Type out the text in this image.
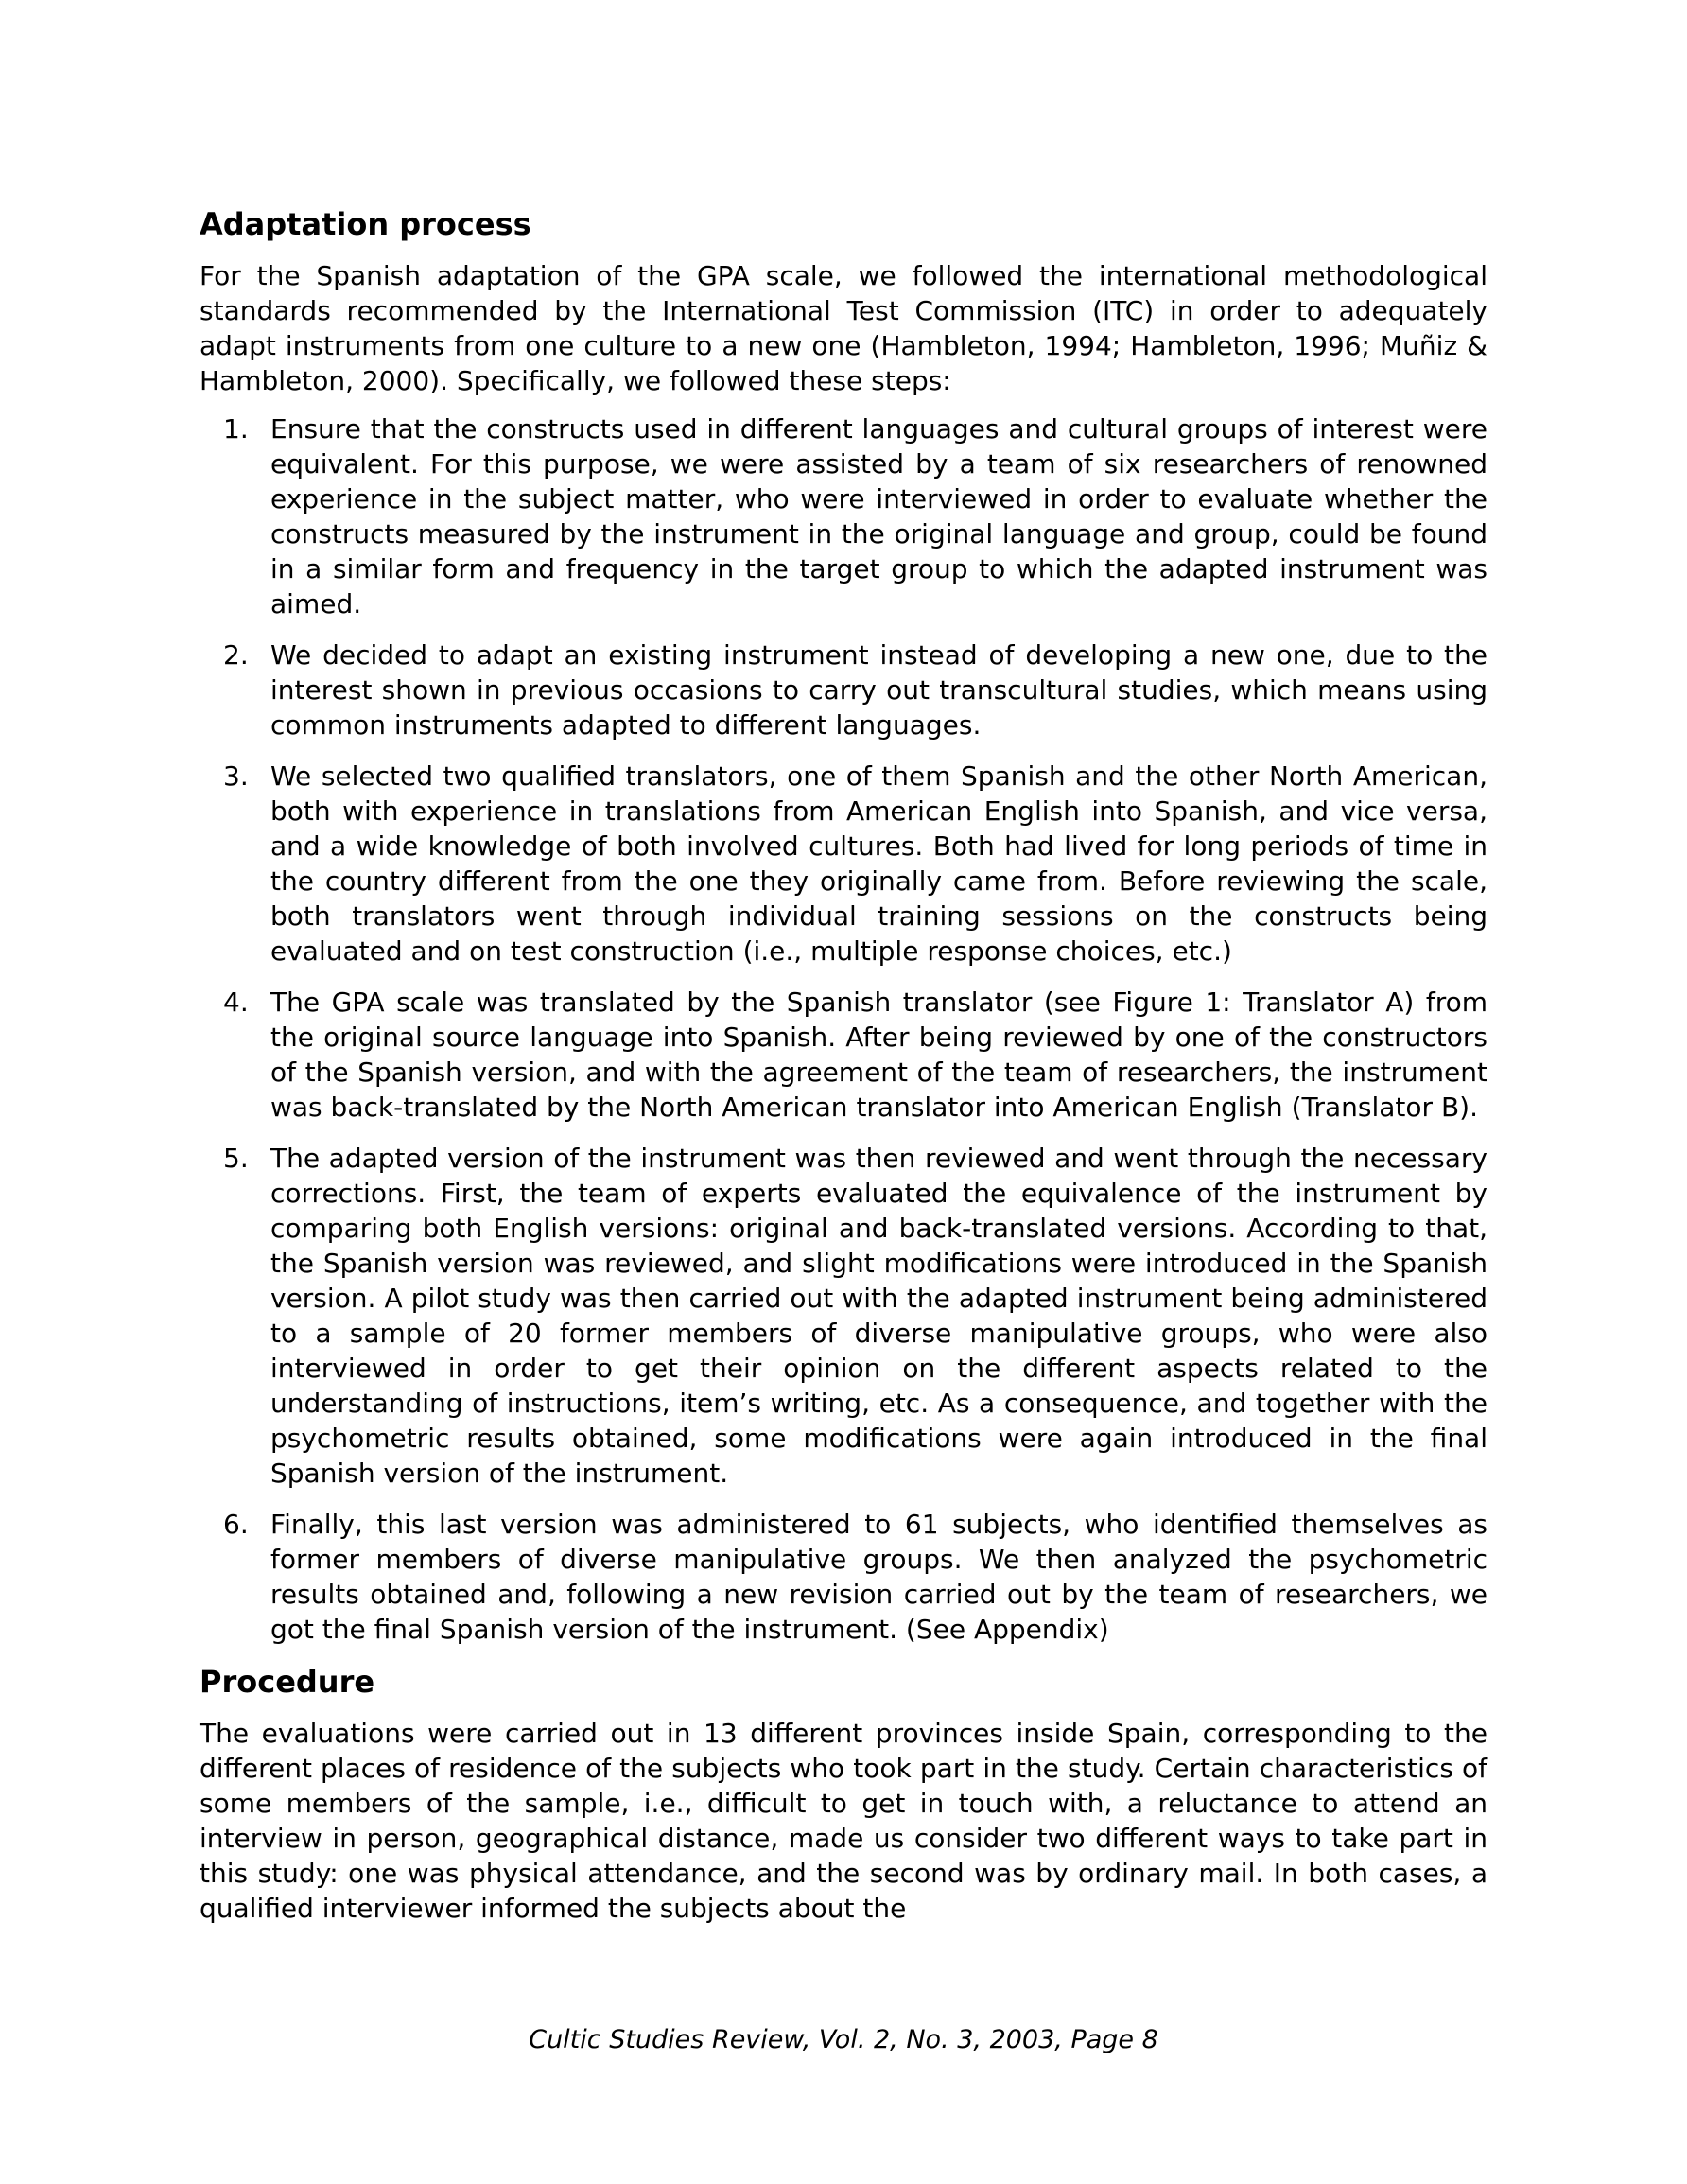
Adaptation process

For the Spanish adaptation of the GPA scale, we followed the international methodological standards recommended by the International Test Commission (ITC) in order to adequately adapt instruments from one culture to a new one (Hambleton, 1994; Hambleton, 1996; Muñiz & Hambleton, 2000). Specifically, we followed these steps:

1. Ensure that the constructs used in different languages and cultural groups of interest were equivalent. For this purpose, we were assisted by a team of six researchers of renowned experience in the subject matter, who were interviewed in order to evaluate whether the constructs measured by the instrument in the original language and group, could be found in a similar form and frequency in the target group to which the adapted instrument was aimed.
2. We decided to adapt an existing instrument instead of developing a new one, due to the interest shown in previous occasions to carry out transcultural studies, which means using common instruments adapted to different languages.
3. We selected two qualified translators, one of them Spanish and the other North American, both with experience in translations from American English into Spanish, and vice versa, and a wide knowledge of both involved cultures. Both had lived for long periods of time in the country different from the one they originally came from. Before reviewing the scale, both translators went through individual training sessions on the constructs being evaluated and on test construction (i.e., multiple response choices, etc.)
4. The GPA scale was translated by the Spanish translator (see Figure 1: Translator A) from the original source language into Spanish. After being reviewed by one of the constructors of the Spanish version, and with the agreement of the team of researchers, the instrument was back-translated by the North American translator into American English (Translator B).
5. The adapted version of the instrument was then reviewed and went through the necessary corrections. First, the team of experts evaluated the equivalence of the instrument by comparing both English versions: original and back-translated versions. According to that, the Spanish version was reviewed, and slight modifications were introduced in the Spanish version. A pilot study was then carried out with the adapted instrument being administered to a sample of 20 former members of diverse manipulative groups, who were also interviewed in order to get their opinion on the different aspects related to the understanding of instructions, item’s writing, etc. As a consequence, and together with the psychometric results obtained, some modifications were again introduced in the final Spanish version of the instrument.
6. Finally, this last version was administered to 61 subjects, who identified themselves as former members of diverse manipulative groups. We then analyzed the psychometric results obtained and, following a new revision carried out by the team of researchers, we got the final Spanish version of the instrument. (See Appendix)
Procedure

The evaluations were carried out in 13 different provinces inside Spain, corresponding to the different places of residence of the subjects who took part in the study. Certain characteristics of some members of the sample, i.e., difficult to get in touch with, a reluctance to attend an interview in person, geographical distance, made us consider two different ways to take part in this study: one was physical attendance, and the second was by ordinary mail. In both cases, a qualified interviewer informed the subjects about the

Cultic Studies Review, Vol. 2, No. 3, 2003, Page 8
